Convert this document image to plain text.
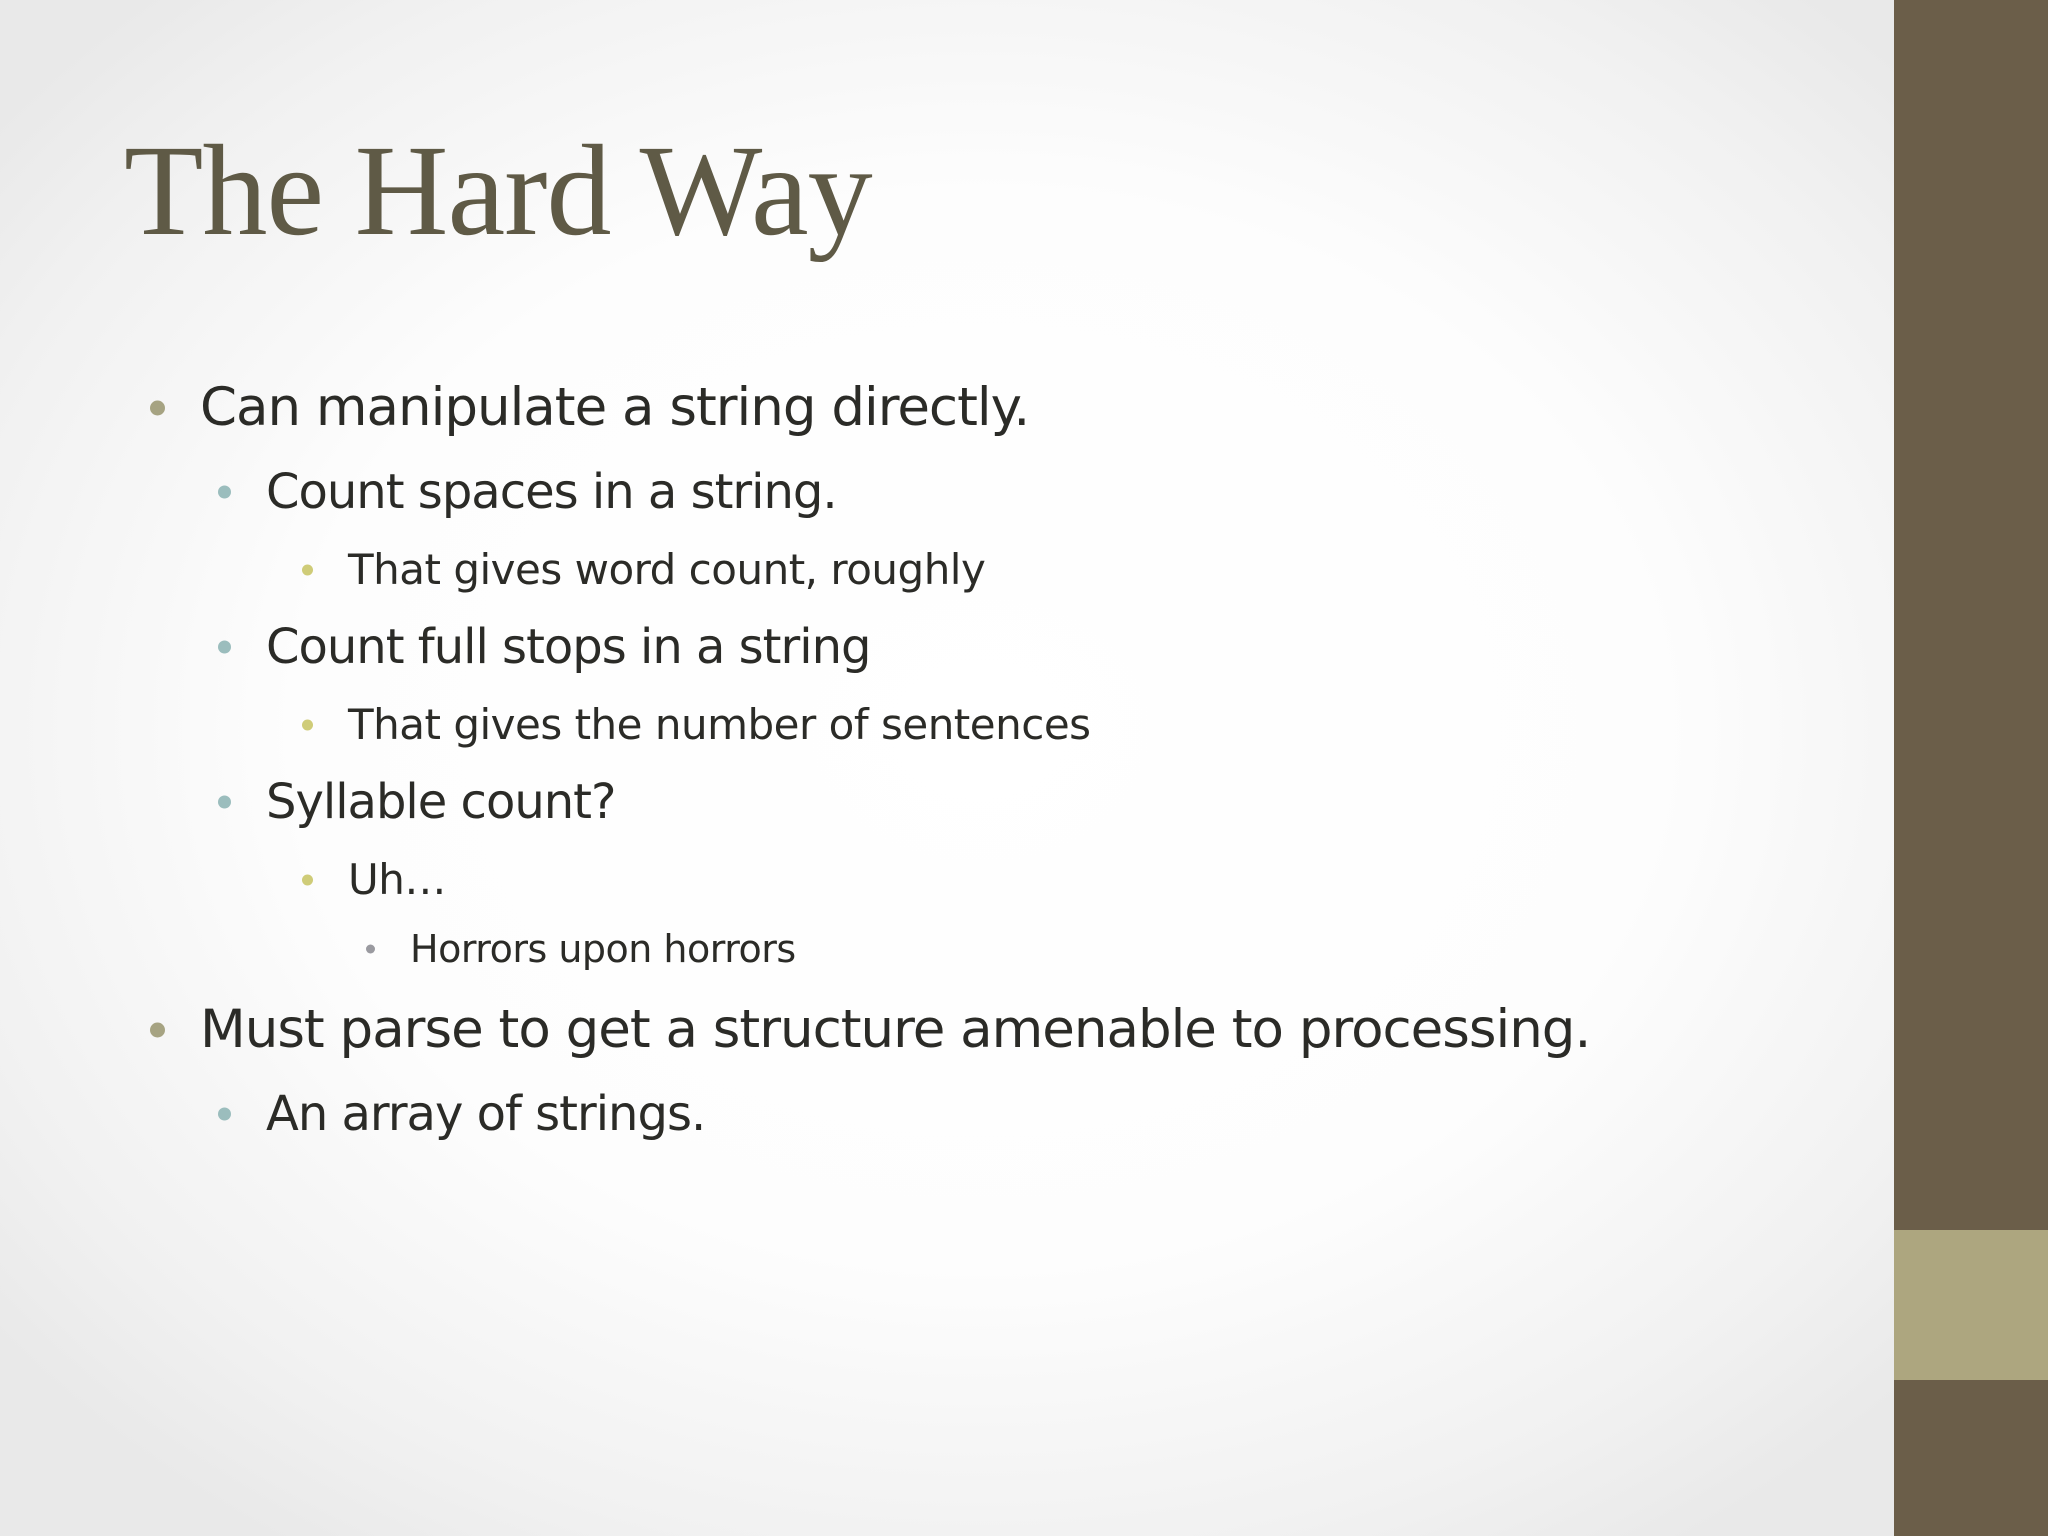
The Hard Way
Can manipulate a string directly.
Count spaces in a string.
That gives word count, roughly
Count full stops in a string
That gives the number of sentences
Syllable count?
Uh…
Horrors upon horrors
Must parse to get a structure amenable to processing.
An array of strings.
